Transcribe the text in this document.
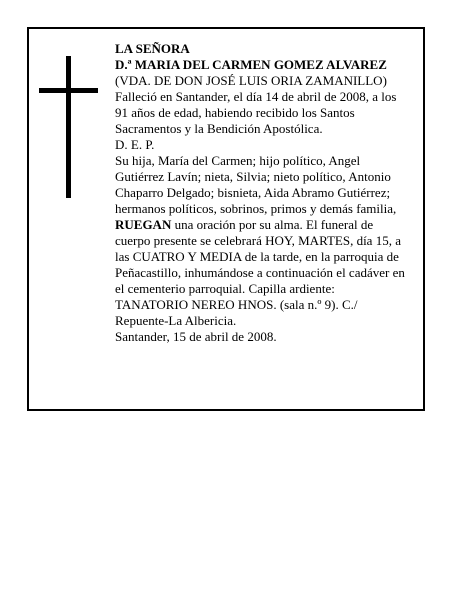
LA SEÑORA
D.ª MARIA DEL CARMEN GOMEZ ALVAREZ
(VDA. DE DON JOSÉ LUIS ORIA ZAMANILLO)
Falleció en Santander, el día 14 de abril de 2008, a los
91 años de edad, habiendo recibido los Santos
Sacramentos y la Bendición Apostólica.
D. E. P.
Su hija, María del Carmen; hijo político, Angel
Gutiérrez Lavín; nieta, Silvia; nieto político, Antonio
Chaparro Delgado; bisnieta, Aida Abramo Gutiérrez;
hermanos políticos, sobrinos, primos y demás familia,
RUEGAN una oración por su alma. El funeral de
cuerpo presente se celebrará HOY, MARTES, día 15, a
las CUATRO Y MEDIA de la tarde, en la parroquia de
Peñacastillo, inhumándose a continuación el cadáver en
el cementerio parroquial. Capilla ardiente:
TANATORIO NEREO HNOS. (sala n.º 9). C./
Repuente-La Albericia.
Santander, 15 de abril de 2008.
